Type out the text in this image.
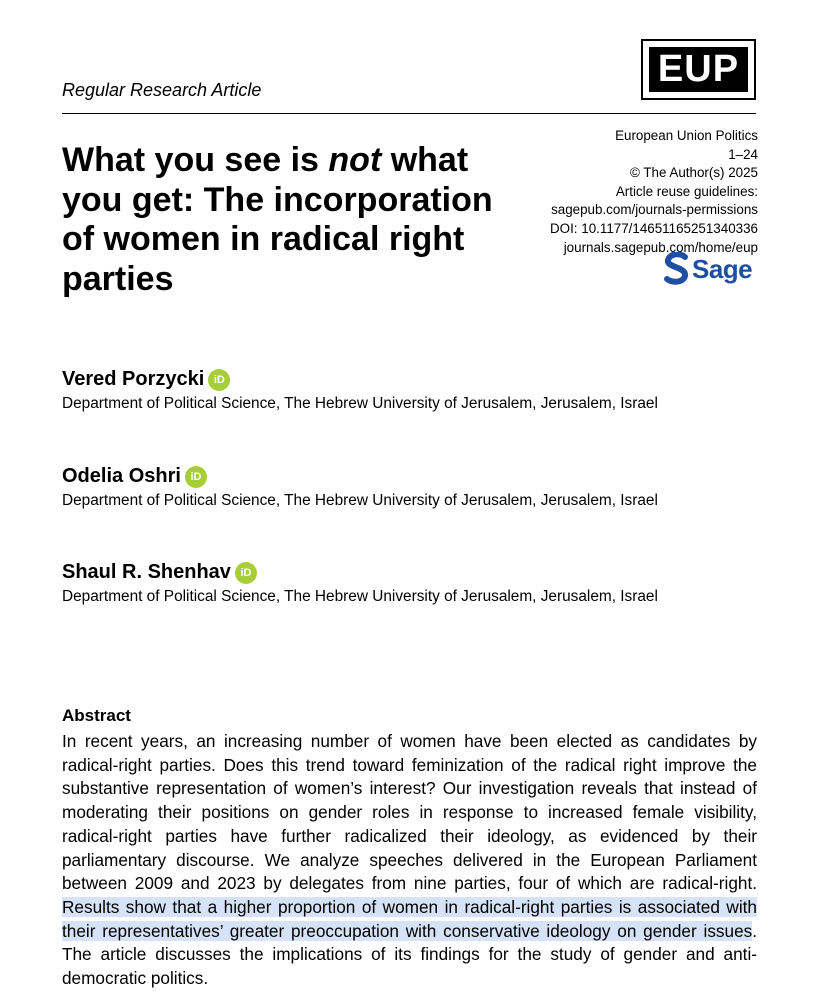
Regular Research Article	EUP
European Union Politics
1–24
© The Author(s) 2025
Article reuse guidelines:
sagepub.com/journals-permissions
DOI: 10.1177/14651165251340336
journals.sagepub.com/home/eup
Sage
What you see is not what you get: The incorporation of women in radical right parties
Vered Porzycki iD
Department of Political Science, The Hebrew University of Jerusalem, Jerusalem, Israel
Odelia Oshri iD
Department of Political Science, The Hebrew University of Jerusalem, Jerusalem, Israel
Shaul R. Shenhav iD
Department of Political Science, The Hebrew University of Jerusalem, Jerusalem, Israel
Abstract
In recent years, an increasing number of women have been elected as candidates by radical-right parties. Does this trend toward feminization of the radical right improve the substantive representation of women’s interest? Our investigation reveals that instead of moderating their positions on gender roles in response to increased female visibility, radical-right parties have further radicalized their ideology, as evidenced by their parliamentary discourse. We analyze speeches delivered in the European Parliament between 2009 and 2023 by delegates from nine parties, four of which are radical-right. Results show that a higher proportion of women in radical-right parties is associated with their representatives’ greater preoccupation with conservative ideology on gender issues. The article discusses the implications of its findings for the study of gender and anti-democratic politics.
